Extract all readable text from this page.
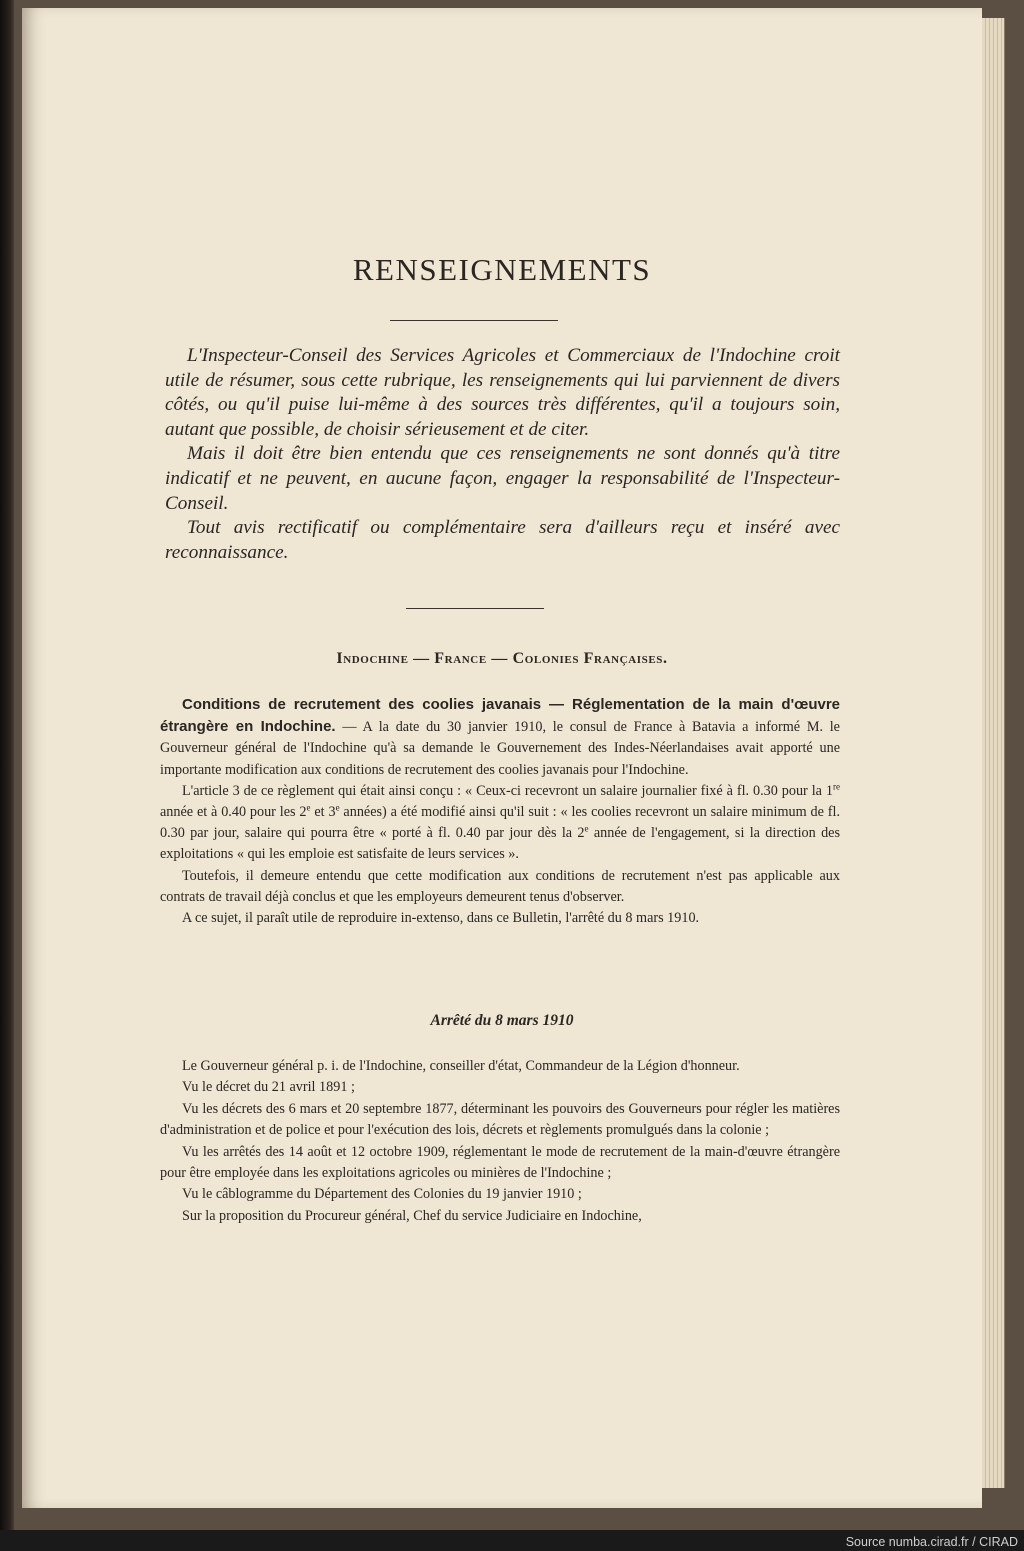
RENSEIGNEMENTS

L'Inspecteur-Conseil des Services Agricoles et Commerciaux de l'Indochine croit utile de résumer, sous cette rubrique, les renseignements qui lui parviennent de divers côtés, ou qu'il puise lui-même à des sources très différentes, qu'il a toujours soin, autant que possible, de choisir sérieusement et de citer.

Mais il doit être bien entendu que ces renseignements ne sont donnés qu'à titre indicatif et ne peuvent, en aucune façon, engager la responsabilité de l'Inspecteur-Conseil.

Tout avis rectificatif ou complémentaire sera d'ailleurs reçu et inséré avec reconnaissance.

Indochine — France — Colonies Françaises.

Conditions de recrutement des coolies javanais — Réglementation de la main d'œuvre étrangère en Indochine. — A la date du 30 janvier 1910, le consul de France à Batavia a informé M. le Gouverneur général de l'Indochine qu'à sa demande le Gouvernement des Indes-Néerlandaises avait apporté une importante modification aux conditions de recrutement des coolies javanais pour l'Indochine.

L'article 3 de ce règlement qui était ainsi conçu : « Ceux-ci recevront un salaire journalier fixé à fl. 0.30 pour la 1re année et à 0.40 pour les 2e et 3e années) a été modifié ainsi qu'il suit : « les coolies recevront un salaire minimum de fl. 0.30 par jour, salaire qui pourra être « porté à fl. 0.40 par jour dès la 2e année de l'engagement, si la direction des exploitations « qui les emploie est satisfaite de leurs services ».

Toutefois, il demeure entendu que cette modification aux conditions de recrutement n'est pas applicable aux contrats de travail déjà conclus et que les employeurs demeurent tenus d'observer.

A ce sujet, il paraît utile de reproduire in-extenso, dans ce Bulletin, l'arrêté du 8 mars 1910.

Arrêté du 8 mars 1910

Le Gouverneur général p. i. de l'Indochine, conseiller d'état, Commandeur de la Légion d'honneur.

Vu le décret du 21 avril 1891 ;

Vu les décrets des 6 mars et 20 septembre 1877, déterminant les pouvoirs des Gouverneurs pour régler les matières d'administration et de police et pour l'exécution des lois, décrets et règlements promulgués dans la colonie ;

Vu les arrêtés des 14 août et 12 octobre 1909, réglementant le mode de recrutement de la main-d'œuvre étrangère pour être employée dans les exploitations agricoles ou minières de l'Indochine ;

Vu le câblogramme du Département des Colonies du 19 janvier 1910 ;

Sur la proposition du Procureur général, Chef du service Judiciaire en Indochine,

Source numba.cirad.fr / CIRAD
